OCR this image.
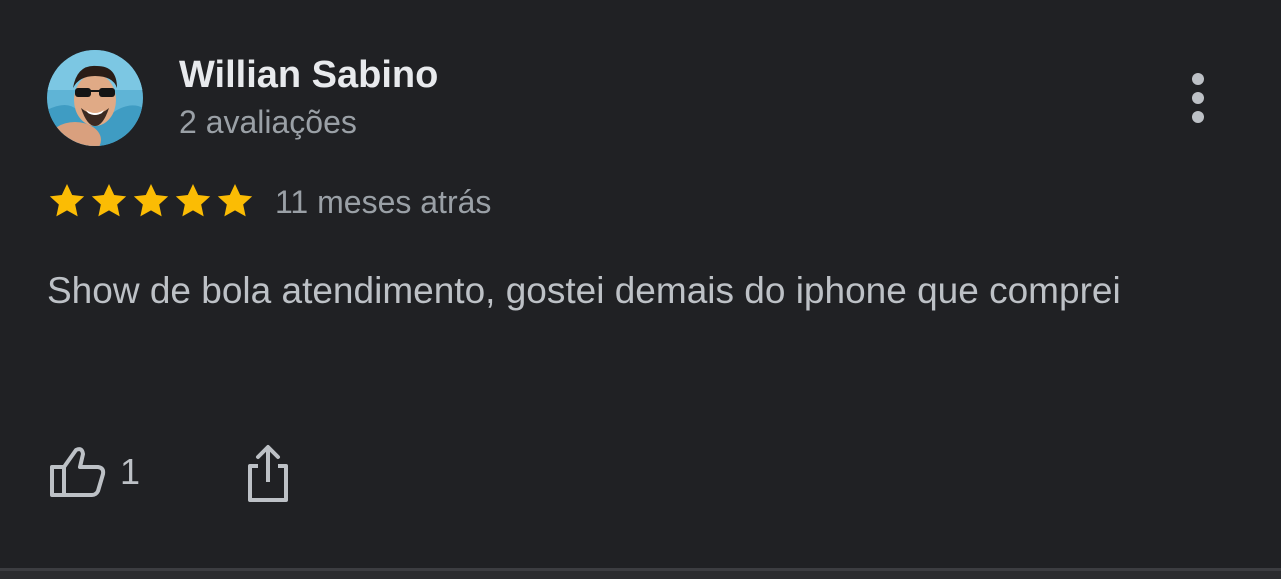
Willian Sabino
2 avaliações
11 meses atrás
Show de bola atendimento, gostei demais do iphone que comprei
1
